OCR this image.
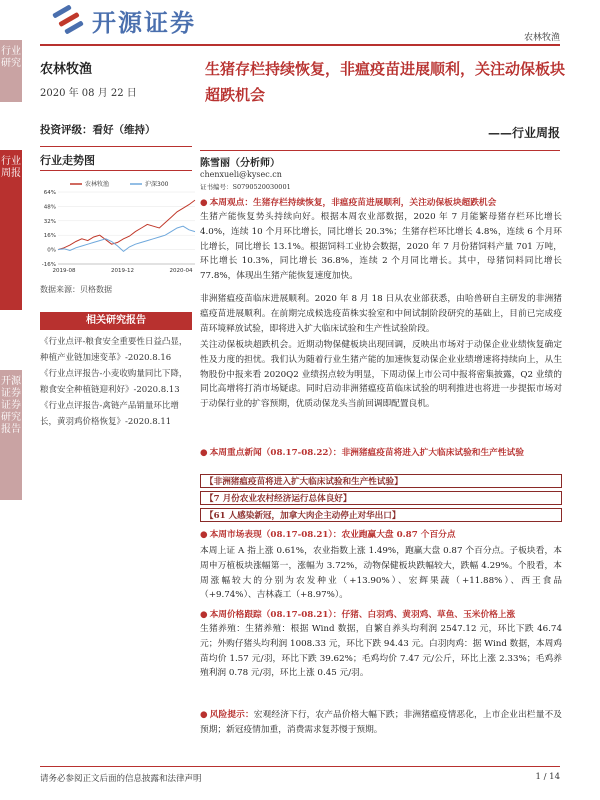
开源证券
农林牧渔
行业研究
行业周报
开源证券 证券研究报告
农林牧渔
2020 年 08 月 22 日
投资评级：看好（维持）
行业走势图
农林牧渔	沪深300
-16%
0%
16%
32%
48%
64%
2019-08	2019-12	2020-04
数据来源：贝格数据
相关研究报告
《行业点评-粮食安全重要性日益凸显，种植产业链加速变革》-2020.8.16
《行业点评报告-小麦收购量同比下降，粮食安全种植链迎利好》-2020.8.13
《行业点评报告-禽链产品销量环比增长，黄羽鸡价格恢复》-2020.8.11
生猪存栏持续恢复，非瘟疫苗进展顺利，关注动保板块超跌机会
——行业周报
陈雪丽（分析师）
chenxueli@kysec.cn
证书编号：S0790520030001
● 本周观点：生猪存栏持续恢复，非瘟疫苗进展顺利，关注动保板块超跌机会
生猪产能恢复势头持续向好。根据本周农业部数据，2020 年 7 月能繁母猪存栏环比增长 4.0%，连续 10 个月环比增长，同比增长 20.3%；生猪存栏环比增长 4.8%，连续 6 个月环比增长，同比增长 13.1%。根据饲料工业协会数据，2020 年 7 月份猪饲料产量 701 万吨，环比增长 10.3%，同比增长 36.8%，连续 2 个月同比增长。其中，母猪饲料同比增长 77.8%，体现出生猪产能恢复速度加快。
非洲猪瘟疫苗临床进展顺利。2020 年 8 月 18 日从农业部获悉，由哈兽研自主研发的非洲猪瘟疫苗进展顺利。在前期完成候选疫苗株实验室和中间试制阶段研究的基础上，目前已完成疫苗环境释放试验，即将进入扩大临床试验和生产性试验阶段。
关注动保板块超跌机会。近期动物保健板块出现回调，反映出市场对于动保企业业绩恢复确定性及力度的担忧。我们认为随着行业生猪产能的加速恢复动保企业业绩增速将持续向上，从生物股份中报来看 2020Q2 业绩拐点较为明显，下周动保上市公司中报将密集披露，Q2 业绩的同比高增将打消市场疑虑。同时启动非洲猪瘟疫苗临床试验的明利推进也将进一步提振市场对于动保行业的扩容预期，优质动保龙头当前回调即配置良机。
● 本周重点新闻（08.17-08.22）：非洲猪瘟疫苗将进入扩大临床试验和生产性试验
【非洲猪瘟疫苗将进入扩大临床试验和生产性试验】
【7 月份农业农村经济运行总体良好】
【61 人感染新冠，加拿大肉企主动停止对华出口】
● 本周市场表现（08.17-08.21）：农业跑赢大盘 0.87 个百分点
本周上证 A 指上涨 0.61%，农业指数上涨 1.49%，跑赢大盘 0.87 个百分点。子板块看，本周申万植板块涨幅第一，涨幅为 3.72%，动物保健板块跌幅较大，跌幅 4.29%。个股看，本周涨幅较大的分别为农发种业（+13.90%）、宏辉果蔬（+11.88%）、西王食品（+9.74%）、吉林森工（+8.97%）。
● 本周价格跟踪（08.17-08.21）：仔猪、白羽鸡、黄羽鸡、草鱼、玉米价格上涨
生猪养殖：生猪养殖：根据 Wind 数据，自繁自养头均利润 2547.12 元，环比下跌 46.74 元；外购仔猪头均利润 1008.33 元，环比下跌 94.43 元。白羽肉鸡：据 Wind 数据，本周鸡苗均价 1.57 元/羽，环比下跌 39.62%；毛鸡均价 7.47 元/公斤，环比上涨 2.33%；毛鸡养殖利润 0.78 元/羽，环比上涨 0.45 元/羽。
● 风险提示：宏观经济下行，农产品价格大幅下跌；非洲猪瘟疫情恶化，上市企业出栏量不及预期；新冠疫情加重，消费需求复苏慢于预期。
请务必参阅正文后面的信息披露和法律声明	1 / 14
